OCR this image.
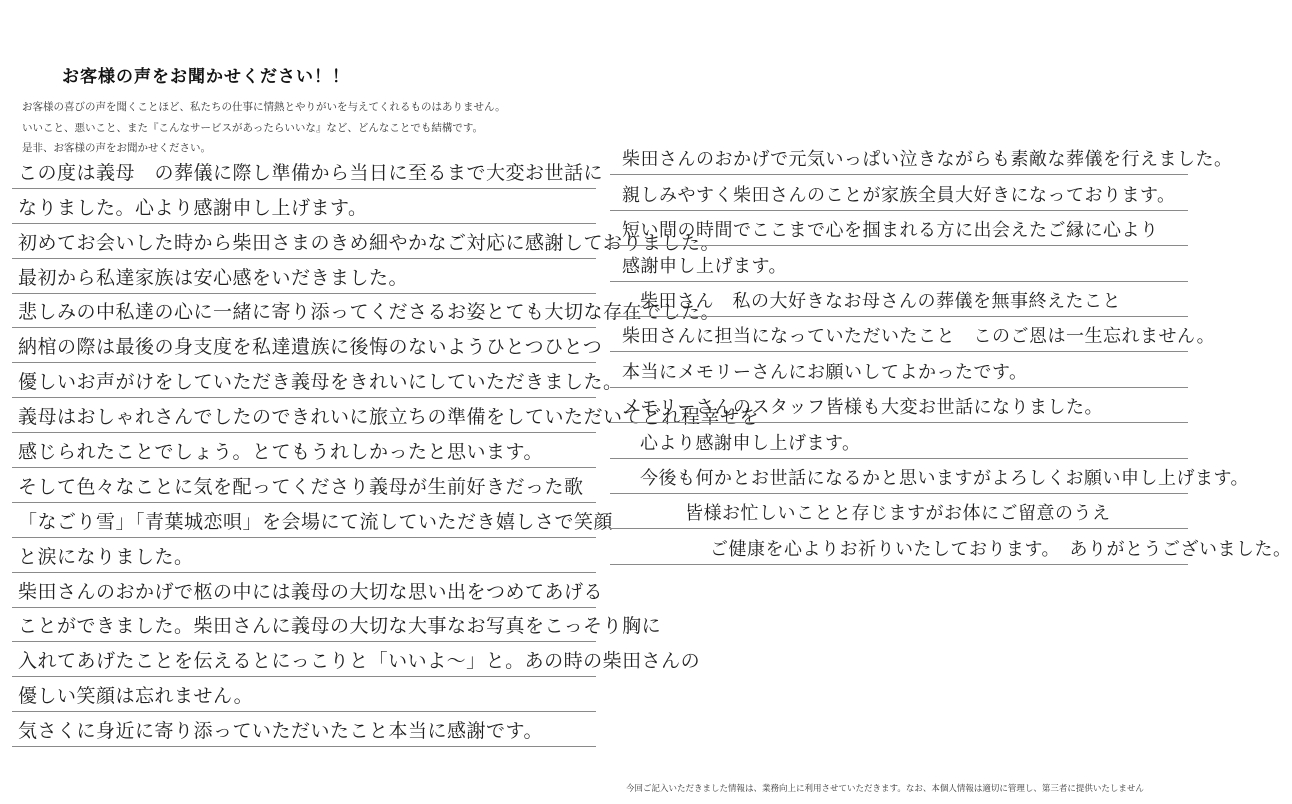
お客様の声をお聞かせください！！
お客様の喜びの声を聞くことほど、私たちの仕事に情熱とやりがいを与えてくれるものはありません。
いいこと、悪いこと、また『こんなサービスがあったらいいな』など、どんなことでも結構です。
是非、お客様の声をお聞かせください。
この度は義母　の葬儀に際し準備から当日に至るまで大変お世話に
なりました。心より感謝申し上げます。
初めてお会いした時から柴田さまのきめ細やかなご対応に感謝しておりました。
最初から私達家族は安心感をいだきました。
悲しみの中私達の心に一緒に寄り添ってくださるお姿とても大切な存在でした。
納棺の際は最後の身支度を私達遺族に後悔のないようひとつひとつ
優しいお声がけをしていただき義母をきれいにしていただきました。
義母はおしゃれさんでしたのできれいに旅立ちの準備をしていただいてどれ程幸せを
感じられたことでしょう。とてもうれしかったと思います。
そして色々なことに気を配ってくださり義母が生前好きだった歌
「なごり雪」「青葉城恋唄」を会場にて流していただき嬉しさで笑顔
と涙になりました。
柴田さんのおかげで柩の中には義母の大切な思い出をつめてあげる
ことができました。柴田さんに義母の大切な大事なお写真をこっそり胸に
入れてあげたことを伝えるとにっこりと「いいよ～」と。あの時の柴田さんの
優しい笑顔は忘れません。
気さくに身近に寄り添っていただいたこと本当に感謝です。
柴田さんのおかげで元気いっぱい泣きながらも素敵な葬儀を行えました。
親しみやすく柴田さんのことが家族全員大好きになっております。
短い間の時間でここまで心を掴まれる方に出会えたご縁に心より
感謝申し上げます。
柴田さん　私の大好きなお母さんの葬儀を無事終えたこと
柴田さんに担当になっていただいたこと　このご恩は一生忘れません。
本当にメモリーさんにお願いしてよかったです。
メモリーさんのスタッフ皆様も大変お世話になりました。
心より感謝申し上げます。
今後も何かとお世話になるかと思いますがよろしくお願い申し上げます。
皆様お忙しいことと存じますがお体にご留意のうえ
ご健康を心よりお祈りいたしております。　ありがとうございました。
今回ご記入いただきました情報は、業務向上に利用させていただきます。なお、本個人情報は適切に管理し、第三者に提供いたしません
